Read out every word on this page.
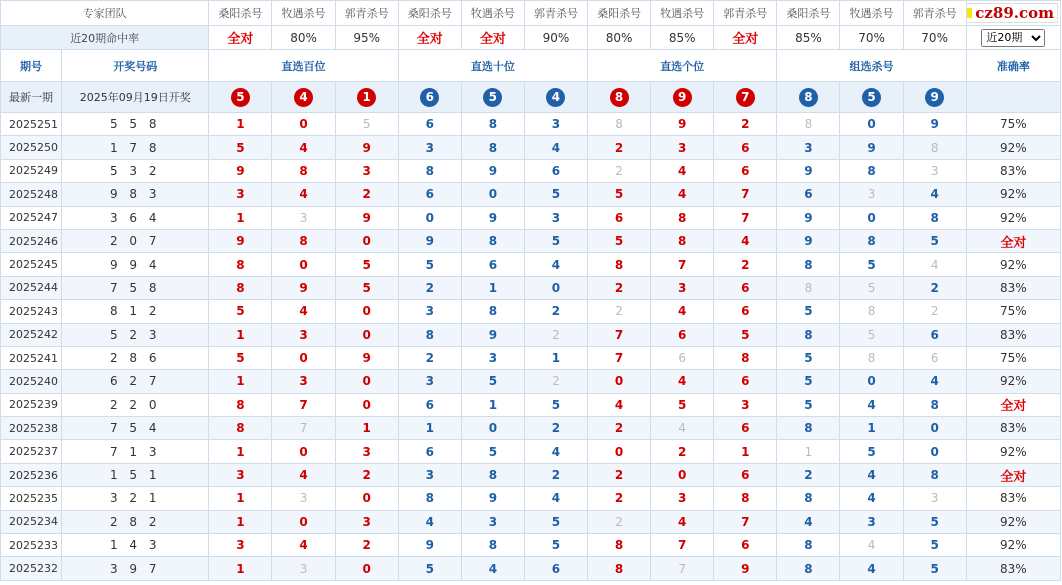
专家团队		桑阳杀号	牧遇杀号	郭青杀号	桑阳杀号	牧遇杀号	郭青杀号	桑阳杀号	牧遇杀号	郭青杀号	桑阳杀号	牧遇杀号	郭青杀号	cz89.com

近20期命中率		全对	80%	95%	全对	全对	90%	80%	85%	全对	85%	70%	70%	
近20期
期号	开奖号码	直选百位			直选十位			直选个位			组选杀号			准确率
最新一期	2025年09月19日开奖	5	4	1	6	5	4	8	9	7	8	5	9	
2025251	5 5 8	1	0	5	6	8	3	8	9	2	8	0	9	75%
2025250	1 7 8	5	4	9	3	8	4	2	3	6	3	9	8	92%
2025249	5 3 2	9	8	3	8	9	6	2	4	6	9	8	3	83%
2025248	9 8 3	3	4	2	6	0	5	5	4	7	6	3	4	92%
2025247	3 6 4	1	3	9	0	9	3	6	8	7	9	0	8	92%
2025246	2 0 7	9	8	0	9	8	5	5	8	4	9	8	5	全对
2025245	9 9 4	8	0	5	5	6	4	8	7	2	8	5	4	92%
2025244	7 5 8	8	9	5	2	1	0	2	3	6	8	5	2	83%
2025243	8 1 2	5	4	0	3	8	2	2	4	6	5	8	2	75%
2025242	5 2 3	1	3	0	8	9	2	7	6	5	8	5	6	83%
2025241	2 8 6	5	0	9	2	3	1	7	6	8	5	8	6	75%
2025240	6 2 7	1	3	0	3	5	2	0	4	6	5	0	4	92%
2025239	2 2 0	8	7	0	6	1	5	4	5	3	5	4	8	全对
2025238	7 5 4	8	7	1	1	0	2	2	4	6	8	1	0	83%
2025237	7 1 3	1	0	3	6	5	4	0	2	1	1	5	0	92%
2025236	1 5 1	3	4	2	3	8	2	2	0	6	2	4	8	全对
2025235	3 2 1	1	3	0	8	9	4	2	3	8	8	4	3	83%
2025234	2 8 2	1	0	3	4	3	5	2	4	7	4	3	5	92%
2025233	1 4 3	3	4	2	9	8	5	8	7	6	8	4	5	92%
2025232	3 9 7	1	3	0	5	4	6	8	7	9	8	4	5	83%
